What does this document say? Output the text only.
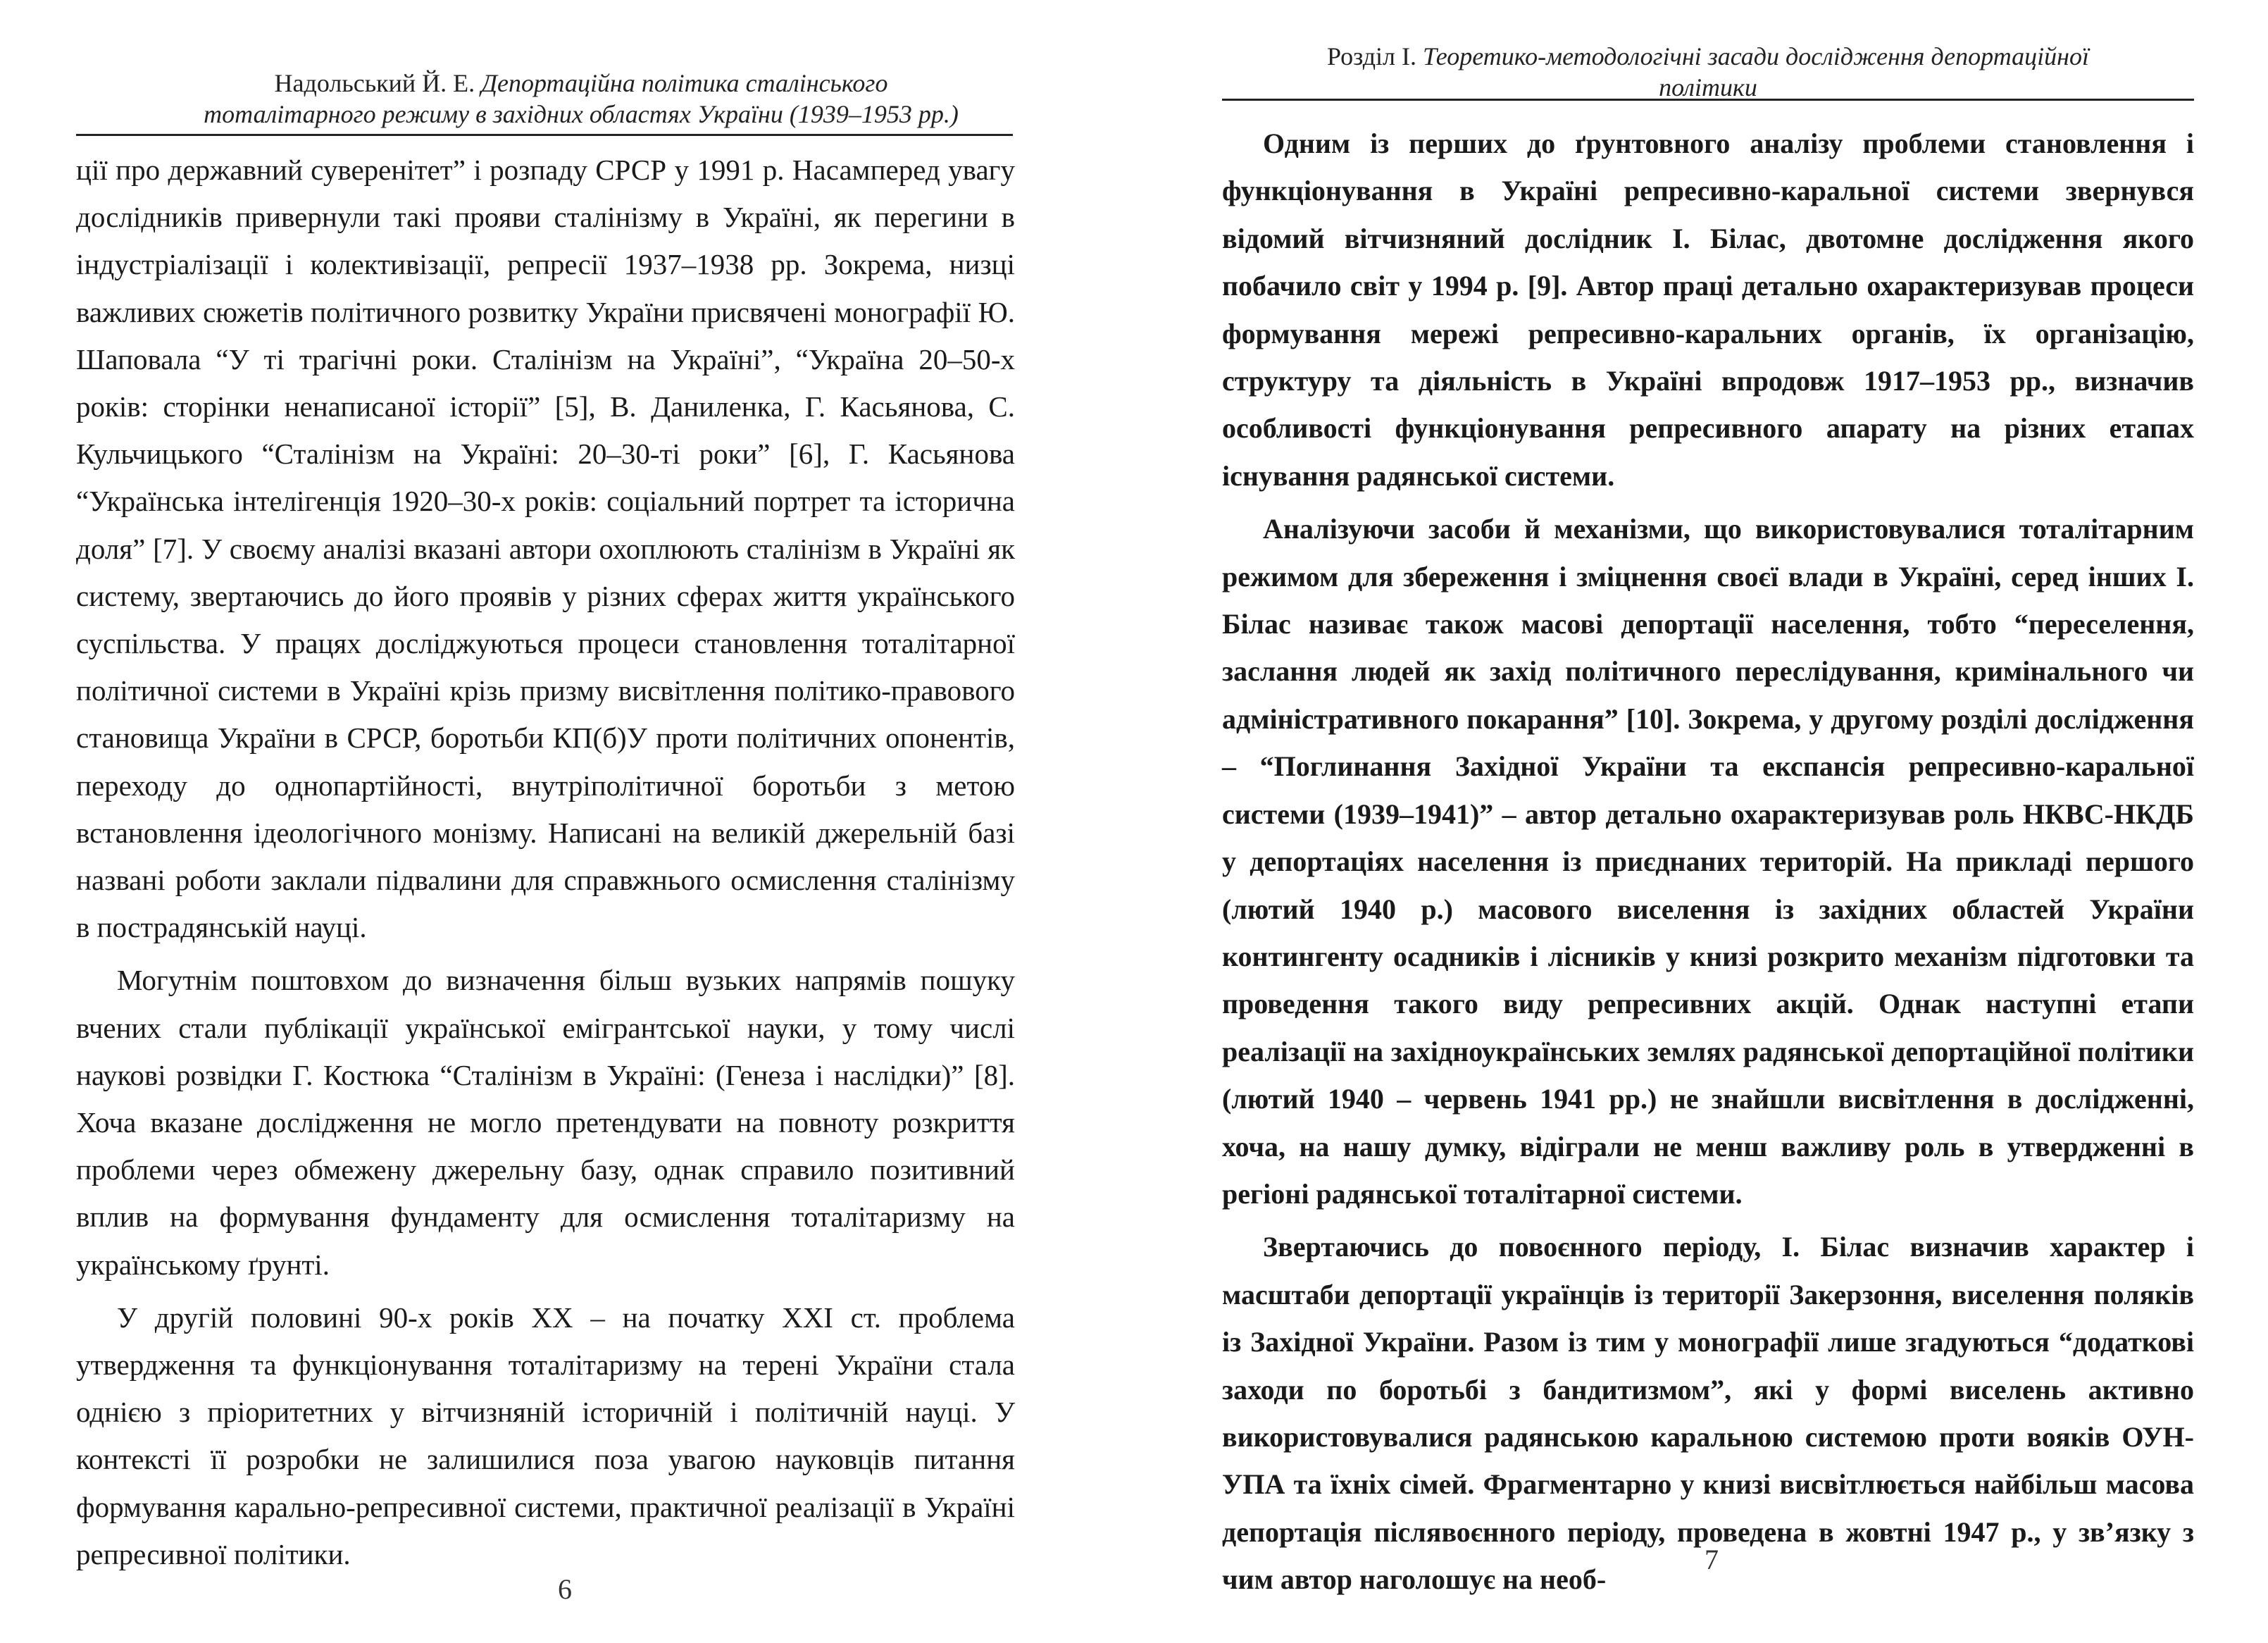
Надольський Й. Е. Депортаційна політика сталінського
тоталітарного режиму в західних областях України (1939–1953 рр.)

ції про державний суверенітет” і розпаду СРСР у 1991 р. Насамперед увагу дослідників привернули такі прояви сталінізму в Україні, як перегини в індустріалізації і колективізації, репресії 1937–1938 рр. Зокрема, низці важливих сюжетів політичного розвитку України присвячені монографії Ю. Шаповала “У ті трагічні роки. Сталінізм на Україні”, “Україна 20–50-х років: сторінки ненаписаної історії” [5], В. Даниленка, Г. Касьянова, С. Кульчицького “Сталінізм на Україні: 20–30-ті роки” [6], Г. Касьянова “Українська інтелігенція 1920–30-х років: соціальний портрет та історична доля” [7]. У своєму аналізі вказані автори охоплюють сталінізм в Україні як систему, звертаючись до його проявів у різних сферах життя українського суспільства. У працях досліджуються процеси становлення тоталітарної політичної системи в Україні крізь призму висвітлення політико-правового становища України в СРСР, боротьби КП(б)У проти політичних опонентів, переходу до однопартійності, внутріполітичної боротьби з метою встановлення ідеологічного монізму. Написані на великій джерельній базі названі роботи заклали підвалини для справжнього осмислення сталінізму в пострадянській науці.

Могутнім поштовхом до визначення більш вузьких напрямів пошуку вчених стали публікації української емігрантської науки, у тому числі наукові розвідки Г. Костюка “Сталінізм в Україні: (Генеза і наслідки)” [8]. Хоча вказане дослідження не могло претендувати на повноту розкриття проблеми через обмежену джерельну базу, однак справило позитивний вплив на формування фундаменту для осмислення тоталітаризму на українському ґрунті.

У другій половині 90-х років XX – на початку XXI ст. проблема утвердження та функціонування тоталітаризму на терені України стала однією з пріоритетних у вітчизняній історичній і політичній науці. У контексті її розробки не залишилися поза увагою науковців питання формування карально-репресивної системи, практичної реалізації в Україні репресивної політики.

6
Розділ І. Теоретико-методологічні засади дослідження депортаційної
політики

Одним із перших до ґрунтовного аналізу проблеми становлення і функціонування в Україні репресивно-каральної системи звернувся відомий вітчизняний дослідник І. Білас, двотомне дослідження якого побачило світ у 1994 р. [9]. Автор праці детально охарактеризував процеси формування мережі репресивно-каральних органів, їх організацію, структуру та діяльність в Україні впродовж 1917–1953 рр., визначив особливості функціонування репресивного апарату на різних етапах існування радянської системи.

Аналізуючи засоби й механізми, що використовувалися тоталітарним режимом для збереження і зміцнення своєї влади в Україні, серед інших І. Білас називає також масові депортації населення, тобто “переселення, заслання людей як захід політичного переслідування, кримінального чи адміністративного покарання” [10]. Зокрема, у другому розділі дослідження – “Поглинання Західної України та експансія репресивно-каральної системи (1939–1941)” – автор детально охарактеризував роль НКВС-НКДБ у депортаціях населення із приєднаних територій. На прикладі першого (лютий 1940 р.) масового виселення із західних областей України контингенту осадників і лісників у книзі розкрито механізм підготовки та проведення такого виду репресивних акцій. Однак наступні етапи реалізації на західноукраїнських землях радянської депортаційної політики (лютий 1940 – червень 1941 рр.) не знайшли висвітлення в дослідженні, хоча, на нашу думку, відіграли не менш важливу роль в утвердженні в регіоні радянської тоталітарної системи.

Звертаючись до повоєнного періоду, І. Білас визначив характер і масштаби депортації українців із території Закерзоння, виселення поляків із Західної України. Разом із тим у монографії лише згадуються “додаткові заходи по боротьбі з бандитизмом”, які у формі виселень активно використовувалися радянською каральною системою проти вояків ОУН-УПА та їхніх сімей. Фрагментарно у книзі висвітлюється найбільш масова депортація післявоєнного періоду, проведена в жовтні 1947 р., у зв’язку з чим автор наголошує на необ-

7
